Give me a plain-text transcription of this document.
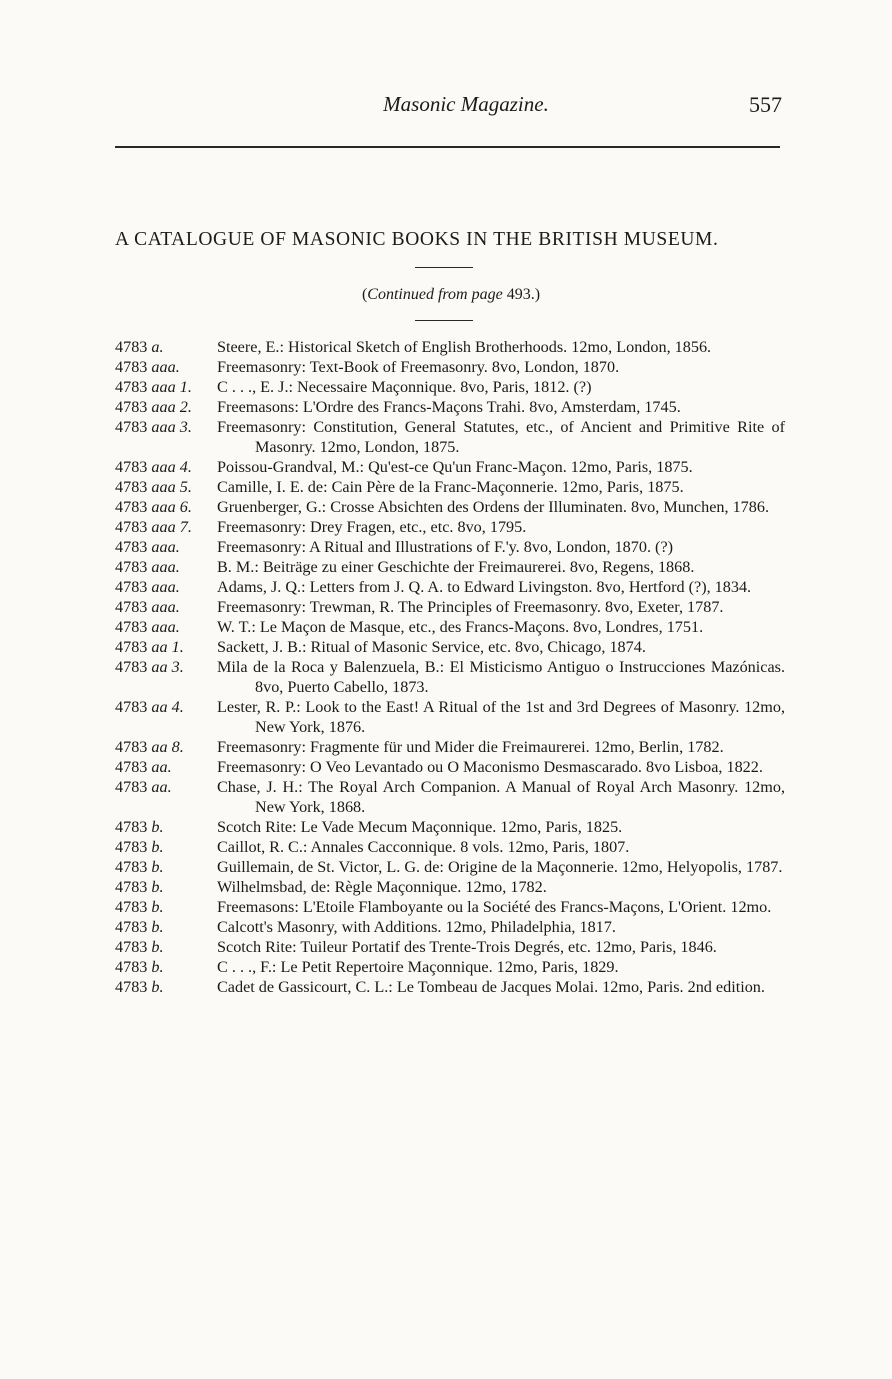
Masonic Magazine.	557
A CATALOGUE OF MASONIC BOOKS IN THE BRITISH MUSEUM.
(Continued from page 493.)
4783 a.	Steere, E.: Historical Sketch of English Brotherhoods. 12mo, London, 1856.
4783 aaa.	Freemasonry: Text-Book of Freemasonry. 8vo, London, 1870.
4783 aaa 1.	C . . ., E. J.: Necessaire Maçonnique. 8vo, Paris, 1812. (?)
4783 aaa 2.	Freemasons: L'Ordre des Francs-Maçons Trahi. 8vo, Amsterdam, 1745.
4783 aaa 3.	Freemasonry: Constitution, General Statutes, etc., of Ancient and Primitive Rite of Masonry. 12mo, London, 1875.
4783 aaa 4.	Poissou-Grandval, M.: Qu'est-ce Qu'un Franc-Maçon. 12mo, Paris, 1875.
4783 aaa 5.	Camille, I. E. de: Cain Père de la Franc-Maçonnerie. 12mo, Paris, 1875.
4783 aaa 6.	Gruenberger, G.: Crosse Absichten des Ordens der Illuminaten. 8vo, Munchen, 1786.
4783 aaa 7.	Freemasonry: Drey Fragen, etc., etc. 8vo, 1795.
4783 aaa.	Freemasonry: A Ritual and Illustrations of F.'y. 8vo, London, 1870. (?)
4783 aaa.	B. M.: Beiträge zu einer Geschichte der Freimaurerei. 8vo, Regens, 1868.
4783 aaa.	Adams, J. Q.: Letters from J. Q. A. to Edward Livingston. 8vo, Hertford (?), 1834.
4783 aaa.	Freemasonry: Trewman, R. The Principles of Freemasonry. 8vo, Exeter, 1787.
4783 aaa.	W. T.: Le Maçon de Masque, etc., des Francs-Maçons. 8vo, Londres, 1751.
4783 aa 1.	Sackett, J. B.: Ritual of Masonic Service, etc. 8vo, Chicago, 1874.
4783 aa 3.	Mila de la Roca y Balenzuela, B.: El Misticismo Antiguo o Instrucciones Mazónicas. 8vo, Puerto Cabello, 1873.
4783 aa 4.	Lester, R. P.: Look to the East! A Ritual of the 1st and 3rd Degrees of Masonry. 12mo, New York, 1876.
4783 aa 8.	Freemasonry: Fragmente für und Mider die Freimaurerei. 12mo, Berlin, 1782.
4783 aa.	Freemasonry: O Veo Levantado ou O Maconismo Desmascarado. 8vo Lisboa, 1822.
4783 aa.	Chase, J. H.: The Royal Arch Companion. A Manual of Royal Arch Masonry. 12mo, New York, 1868.
4783 b.	Scotch Rite: Le Vade Mecum Maçonnique. 12mo, Paris, 1825.
4783 b.	Caillot, R. C.: Annales Cacconnique. 8 vols. 12mo, Paris, 1807.
4783 b.	Guillemain, de St. Victor, L. G. de: Origine de la Maçonnerie. 12mo, Helyopolis, 1787.
4783 b.	Wilhelmsbad, de: Règle Maçonnique. 12mo, 1782.
4783 b.	Freemasons: L'Etoile Flamboyante ou la Société des Francs-Maçons, L'Orient. 12mo.
4783 b.	Calcott's Masonry, with Additions. 12mo, Philadelphia, 1817.
4783 b.	Scotch Rite: Tuileur Portatif des Trente-Trois Degrés, etc. 12mo, Paris, 1846.
4783 b.	C . . ., F.: Le Petit Repertoire Maçonnique. 12mo, Paris, 1829.
4783 b.	Cadet de Gassicourt, C. L.: Le Tombeau de Jacques Molai. 12mo, Paris. 2nd edition.
